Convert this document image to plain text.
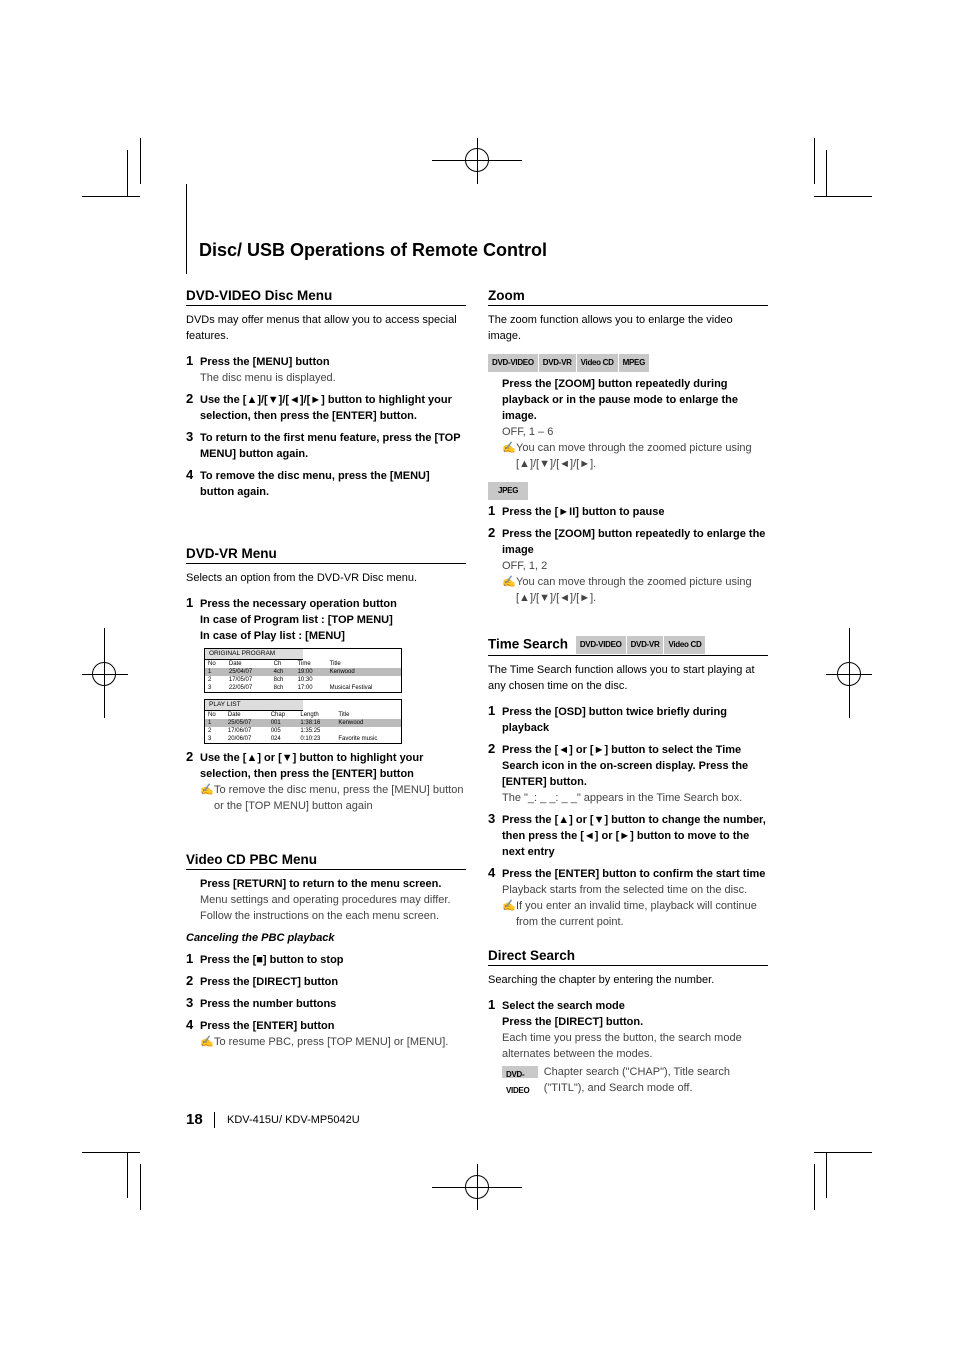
Disc/ USB Operations of Remote Control
DVD-VIDEO Disc Menu

DVDs may offer menus that allow you to access special features.

1 Press the [MENU] button
The disc menu is displayed.
2 Use the [▲]/[▼]/[◄]/[►] button to highlight your selection, then press the [ENTER] button.
3 To return to the first menu feature, press the [TOP MENU] button again.
4 To remove the disc menu, press the [MENU] button again.
DVD-VR Menu

Selects an option from the DVD-VR Disc menu.

1 Press the necessary operation button
In case of Program list : [TOP MENU]
In case of Play list : [MENU]
ORIGINAL PROGRAM
No	Date	Ch	Time	Title
1	25/04/07	4ch	19:00	Kenwood
2	17/05/07	8ch	10:30	
3	22/05/07	8ch	17:00	Musical Festival
PLAY LIST
No	Date	Chap	Length	Title
1	25/05/07	001	1:38:16	Kenwood
2	17/06/07	005	1:35:25	
3	20/06/07	024	0:10:23	Favorite music
2 Use the [▲] or [▼] button to highlight your selection, then press the [ENTER] button
✍To remove the disc menu, press the [MENU] button or the [TOP MENU] button again
Video CD PBC Menu
Press [RETURN] to return to the menu screen.
Menu settings and operating procedures may differ. Follow the instructions on the each menu screen.
Canceling the PBC playback
1 Press the [■] button to stop
2 Press the [DIRECT] button
3 Press the number buttons
4 Press the [ENTER] button
✍To resume PBC, press [TOP MENU] or [MENU].
Zoom

The zoom function allows you to enlarge the video image.

DVD-VIDEO	DVD-VR	Video CD	MPEG
Press the [ZOOM] button repeatedly during playback or in the pause mode to enlarge the image.
OFF, 1 – 6
✍You can move through the zoomed picture using [▲]/[▼]/[◄]/[►].
JPEG
1 Press the [►II] button to pause
2 Press the [ZOOM] button repeatedly to enlarge the image
OFF, 1, 2
✍You can move through the zoomed picture using [▲]/[▼]/[◄]/[►].
Time Search	DVD-VIDEO	DVD-VR	Video CD

The Time Search function allows you to start playing at any chosen time on the disc.

1 Press the [OSD] button twice briefly during playback
2 Press the [◄] or [►] button to select the Time Search icon in the on-screen display. Press the [ENTER] button.
The "_: _ _: _ _" appears in the Time Search box.
3 Press the [▲] or [▼] button to change the number, then press the [◄] or [►] button to move to the next entry
4 Press the [ENTER] button to confirm the start time
Playback starts from the selected time on the disc.
✍If you enter an invalid time, playback will continue from the current point.
Direct Search

Searching the chapter by entering the number.

1 Select the search mode
Press the [DIRECT] button.
Each time you press the button, the search mode alternates between the modes.
DVD-VIDEO
Chapter search ("CHAP"), Title search ("TITL"), and Search mode off.
18 KDV-415U/ KDV-MP5042U
